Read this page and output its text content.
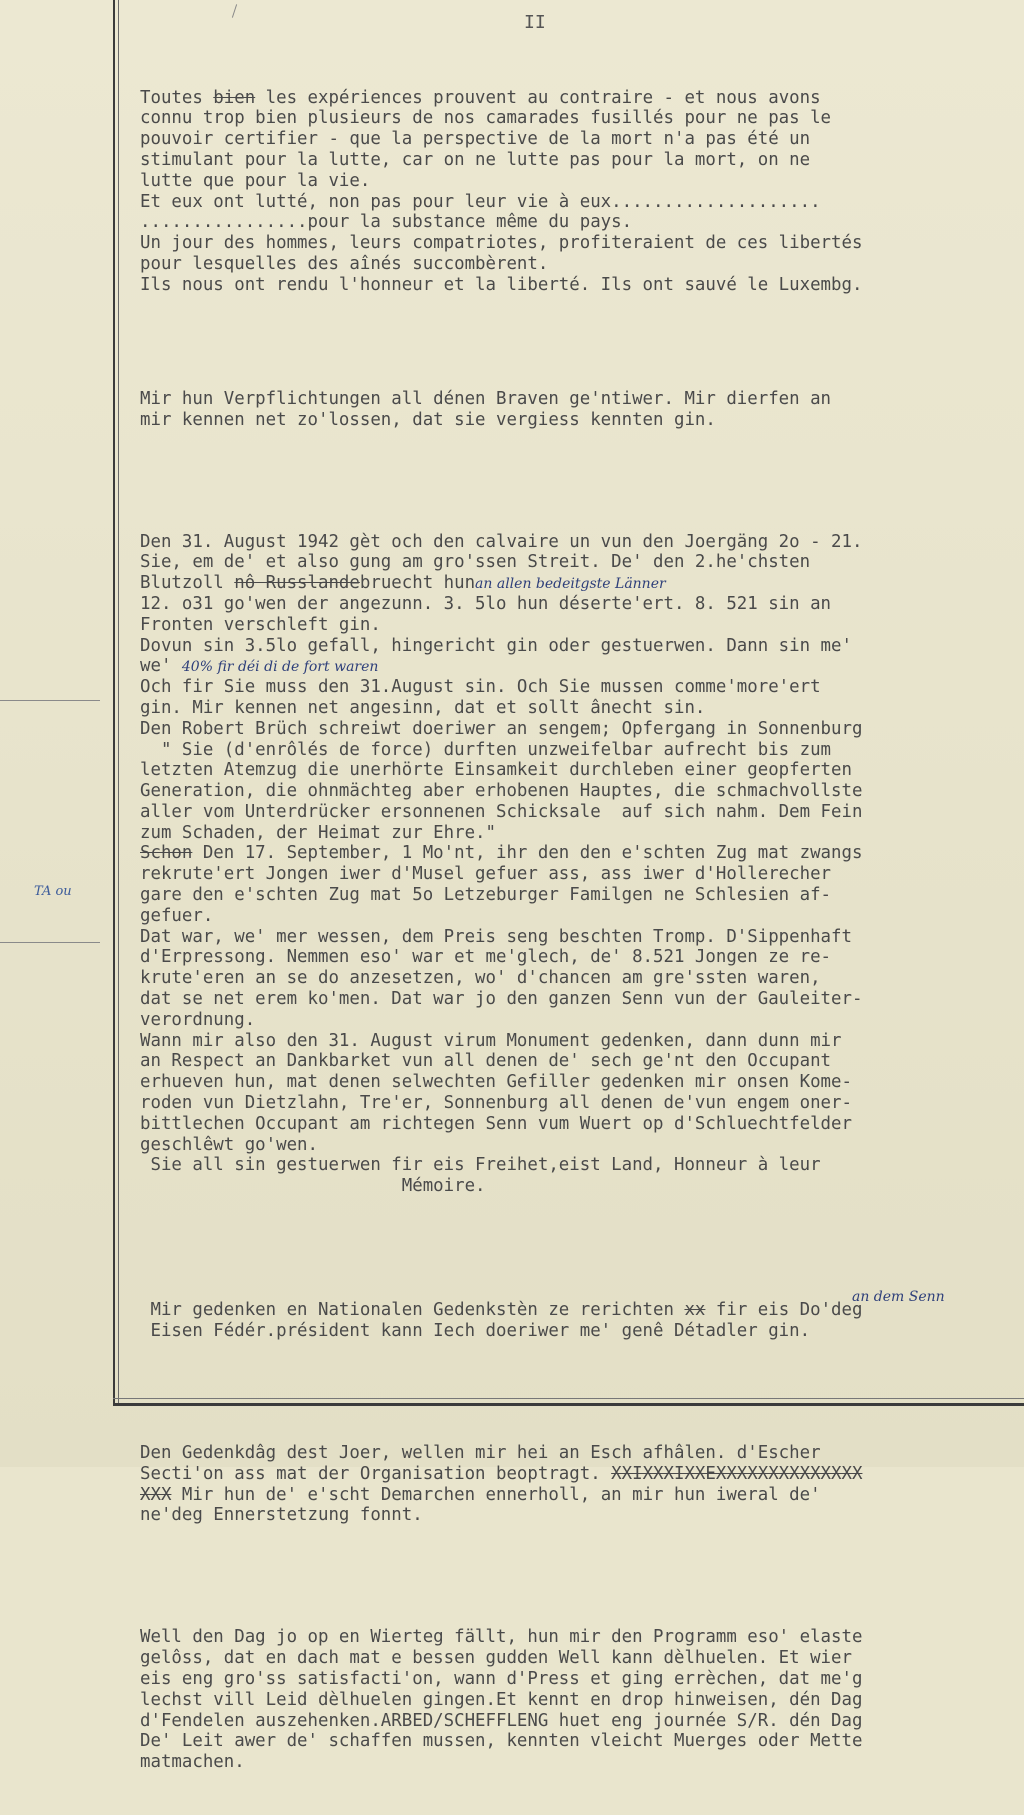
II
TA ou

Toutes bien les expériences prouvent au contraire - et nous avons
connu trop bien plusieurs de nos camarades fusillés pour ne pas le
pouvoir certifier - que la perspective de la mort n'a pas été un
stimulant pour la lutte, car on ne lutte pas pour la mort, on ne
lutte que pour la vie.
Et eux ont lutté, non pas pour leur vie à eux....................
................pour la substance même du pays.
Un jour des hommes, leurs compatriotes, profiteraient de ces libertés
pour lesquelles des aînés succombèrent.
Ils nous ont rendu l'honneur et la liberté. Ils ont sauvé le Luxembg.

Mir hun Verpflichtungen all dénen Braven ge'ntiwer. Mir dierfen an
mir kennen net zo'lossen, dat sie vergiess kennten gin.

Den 31. August 1942 gèt och den calvaire un vun den Joergäng 2o - 21.
Sie, em de' et also gung am gro'ssen Streit. De' den 2.he'chsten
Blutzoll nô Russlandebruecht hunan allen bedeitgste Länner
12. o31 go'wen der angezunn. 3. 5lo hun déserte'ert. 8. 521 sin an
Fronten verschleft gin.
Dovun sin 3.5lo gefall, hingericht gin oder gestuerwen. Dann sin me'
we' 40% fir déi di de fort waren
Och fir Sie muss den 31.August sin. Och Sie mussen comme'more'ert
gin. Mir kennen net angesinn, dat et sollt ânecht sin.
Den Robert Brüch schreiwt doeriwer an sengem; Opfergang in Sonnenburg
" Sie (d'enrôlés de force) durften unzweifelbar aufrecht bis zum
letzten Atemzug die unerhörte Einsamkeit durchleben einer geopferten
Generation, die ohnmächteg aber erhobenen Hauptes, die schmachvollste
aller vom Unterdrücker ersonnenen Schicksale  auf sich nahm. Dem Fein
zum Schaden, der Heimat zur Ehre."
Schon Den 17. September, 1 Mo'nt, ihr den den e'schten Zug mat zwangs
rekrute'ert Jongen iwer d'Musel gefuer ass, ass iwer d'Hollerecher
gare den e'schten Zug mat 5o Letzeburger Familgen ne Schlesien af-
gefuer.
Dat war, we' mer wessen, dem Preis seng beschten Tromp. D'Sippenhaft
d'Erpressong. Nemmen eso' war et me'glech, de' 8.521 Jongen ze re-
krute'eren an se do anzesetzen, wo' d'chancen am gre'ssten waren,
dat se net erem ko'men. Dat war jo den ganzen Senn vun der Gauleiter-
verordnung.
Wann mir also den 31. August virum Monument gedenken, dann dunn mir
an Respect an Dankbarket vun all denen de' sech ge'nt den Occupant
erhueven hun, mat denen selwechten Gefiller gedenken mir onsen Kome-
roden vun Dietzlahn, Tre'er, Sonnenburg all denen de'vun engem oner-
bittlechen Occupant am richtegen Senn vum Wuert op d'Schluechtfelder
geschlêwt go'wen.
Sie all sin gestuerwen fir eis Freihet,eist Land, Honneur à leur
Mémoire.

an dem Senn
Mir gedenken en Nationalen Gedenkstèn ze rerichten xx fir eis Do'deg
Eisen Fédér.président kann Iech doeriwer me' genê Détadler gin.

Den Gedenkdâg dest Joer, wellen mir hei an Esch afhâlen. d'Escher
Secti'on ass mat der Organisation beoptragt. XXIXXXIXXEXXXXXXXXXXXXXX
XXX Mir hun de' e'scht Demarchen ennerholl, an mir hun iweral de'
ne'deg Ennerstetzung fonnt.

Well den Dag jo op en Wierteg fällt, hun mir den Programm eso' elaste
gelôss, dat en dach mat e bessen gudden Well kann dèlhuelen. Et wier
eis eng gro'ss satisfacti'on, wann d'Press et ging errèchen, dat me'g
lechst vill Leid dèlhuelen gingen.Et kennt en drop hinweisen, dén Dag
d'Fendelen auszehenken.ARBED/SCHEFFLENG huet eng journée S/R. dén Dag
De' Leit awer de' schaffen mussen, kennten vleicht Muerges oder Mette
matmachen.
